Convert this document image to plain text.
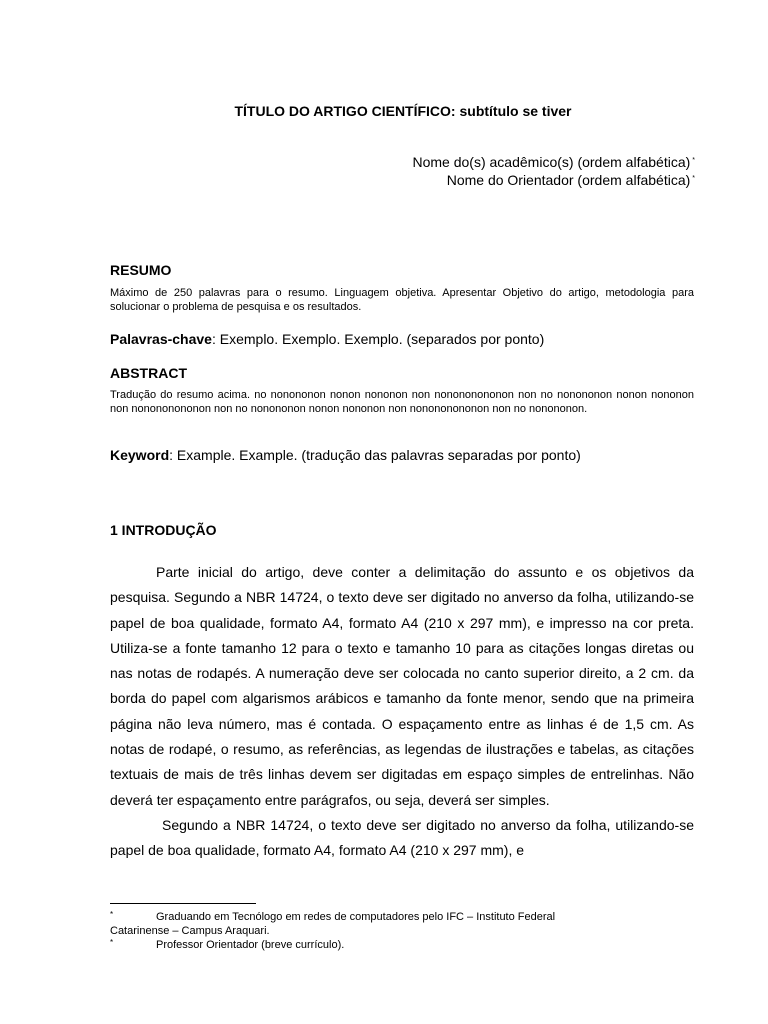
TÍTULO DO ARTIGO CIENTÍFICO: subtítulo se tiver
Nome do(s) acadêmico(s) (ordem alfabética) *
Nome do Orientador (ordem alfabética) *
RESUMO
Máximo de 250 palavras para o resumo. Linguagem objetiva. Apresentar Objetivo do artigo, metodologia para solucionar o problema de pesquisa e os resultados.
Palavras-chave: Exemplo. Exemplo. Exemplo. (separados por ponto)
ABSTRACT
Tradução do resumo acima. no nonononon nonon nononon non nonononononon non no nonononon nonon nononon non nonononononon non no nonononon nonon nononon non nonononononon non no nonononon.
Keyword: Example. Example. (tradução das palavras separadas por ponto)
1 INTRODUÇÃO

Parte inicial do artigo, deve conter a delimitação do assunto e os objetivos da pesquisa. Segundo a NBR 14724, o texto deve ser digitado no anverso da folha, utilizando-se papel de boa qualidade, formato A4, formato A4 (210 x 297 mm), e impresso na cor preta. Utiliza-se a fonte tamanho 12 para o texto e tamanho 10 para as citações longas diretas ou nas notas de rodapés. A numeração deve ser colocada no canto superior direito, a 2 cm. da borda do papel com algarismos arábicos e tamanho da fonte menor, sendo que na primeira página não leva número, mas é contada. O espaçamento entre as linhas é de 1,5 cm. As notas de rodapé, o resumo, as referências, as legendas de ilustrações e tabelas, as citações textuais de mais de três linhas devem ser digitadas em espaço simples de entrelinhas. Não deverá ter espaçamento entre parágrafos, ou seja, deverá ser simples.

Segundo a NBR 14724, o texto deve ser digitado no anverso da folha, utilizando-se papel de boa qualidade, formato A4, formato A4 (210 x 297 mm), e

*	Graduando em Tecnólogo em redes de computadores pelo IFC – Instituto Federal
Catarinense – Campus Araquari.
*	Professor Orientador (breve currículo).
